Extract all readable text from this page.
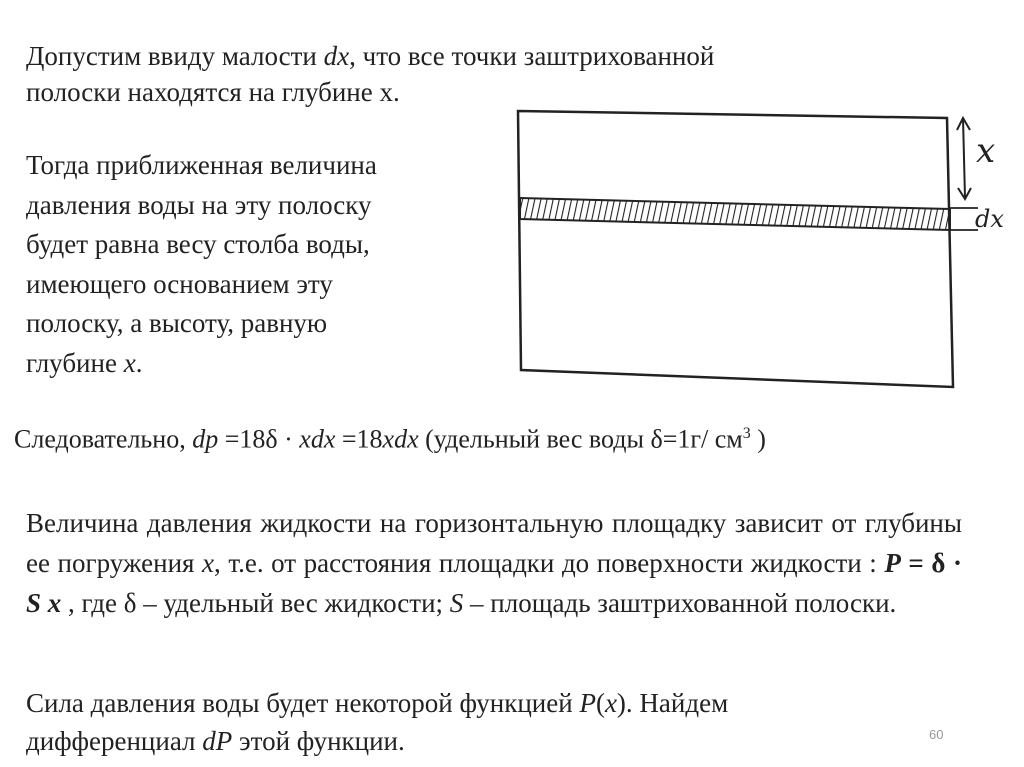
Допустим ввиду малости dx, что все точки заштрихованной
полоски находятся на глубине x.
Тогда приближенная величина
давления воды на эту полоску
будет равна весу столба воды,
имеющего основанием эту
полоску, а высоту, равную
глубине x.
x
dx
Следовательно, dp =18δ · xdx =18xdx (удельный вес воды δ=1г/ $см^3$ )
Величина давления жидкости на горизонтальную площадку зависит от глубины ее погружения x, т.е. от расстояния площадки до поверхности жидкости : P = δ · S x , где δ – удельный вес жидкости; S – площадь заштрихованной полоски.
Сила давления воды будет некоторой функцией P(x). Найдем
дифференциал dP этой функции.	60
